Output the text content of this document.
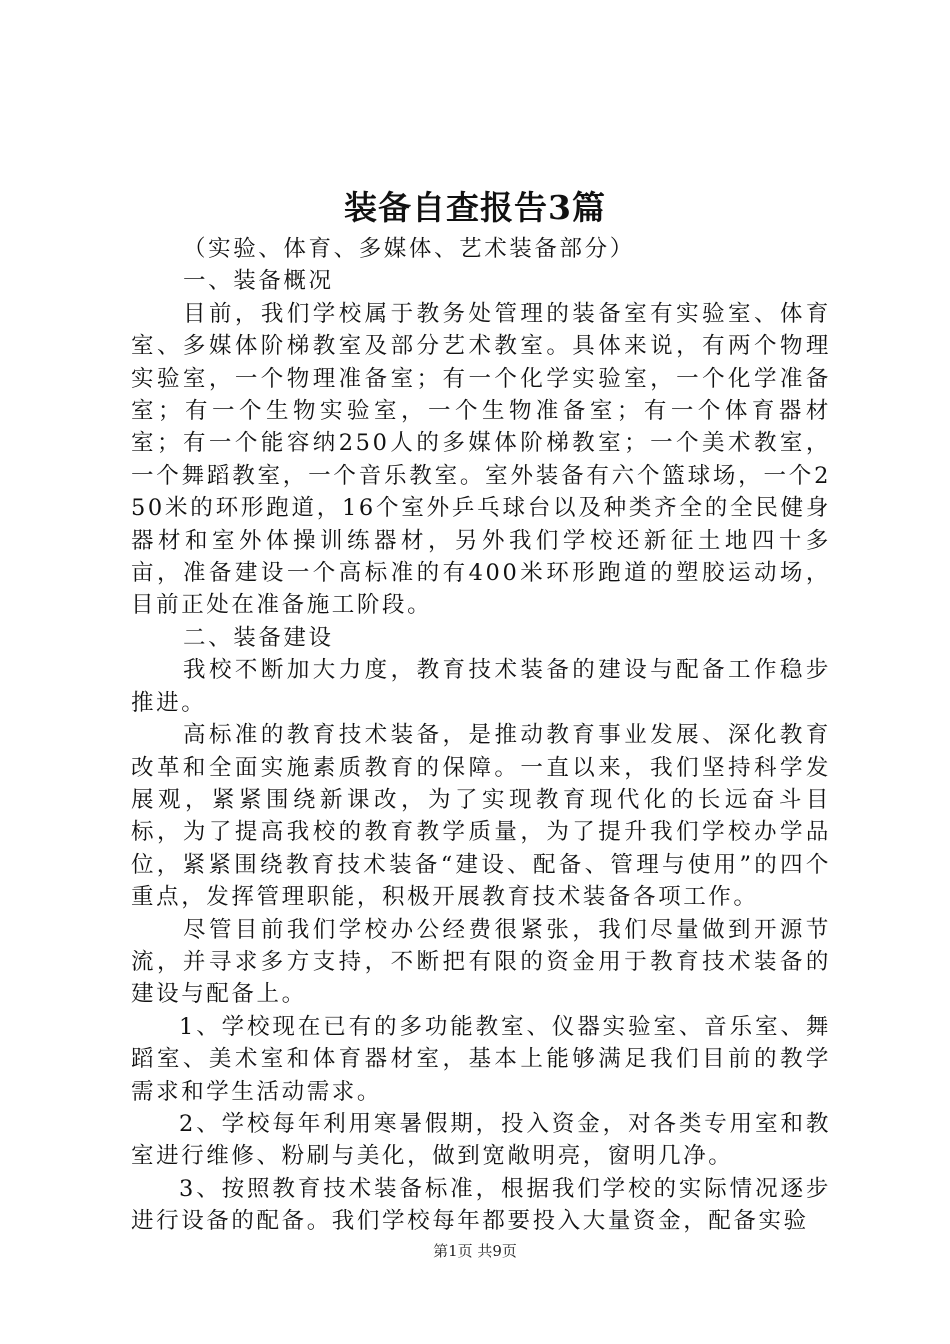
装备自查报告3篇

（实验、体育、多媒体、艺术装备部分）

一、装备概况

目前，我们学校属于教务处管理的装备室有实验室、体育室、多媒体阶梯教室及部分艺术教室。具体来说，有两个物理实验室，一个物理准备室；有一个化学实验室，一个化学准备室；有一个生物实验室，一个生物准备室；有一个体育器材室；有一个能容纳250人的多媒体阶梯教室；一个美术教室，一个舞蹈教室，一个音乐教室。室外装备有六个篮球场，一个250米的环形跑道，16个室外乒乓球台以及种类齐全的全民健身器材和室外体操训练器材，另外我们学校还新征土地四十多亩，准备建设一个高标准的有400米环形跑道的塑胶运动场，目前正处在准备施工阶段。

二、装备建设

我校不断加大力度，教育技术装备的建设与配备工作稳步推进。

高标准的教育技术装备，是推动教育事业发展、深化教育改革和全面实施素质教育的保障。一直以来，我们坚持科学发展观，紧紧围绕新课改，为了实现教育现代化的长远奋斗目标，为了提高我校的教育教学质量，为了提升我们学校办学品位，紧紧围绕教育技术装备“建设、配备、管理与使用”的四个重点，发挥管理职能，积极开展教育技术装备各项工作。

尽管目前我们学校办公经费很紧张，我们尽量做到开源节流，并寻求多方支持，不断把有限的资金用于教育技术装备的建设与配备上。

1、学校现在已有的多功能教室、仪器实验室、音乐室、舞蹈室、美术室和体育器材室，基本上能够满足我们目前的教学需求和学生活动需求。

2、学校每年利用寒暑假期，投入资金，对各类专用室和教室进行维修、粉刷与美化，做到宽敞明亮，窗明几净。

3、按照教育技术装备标准，根据我们学校的实际情况逐步进行设备的配备。我们学校每年都要投入大量资金，配备实验

第1页 共9页
